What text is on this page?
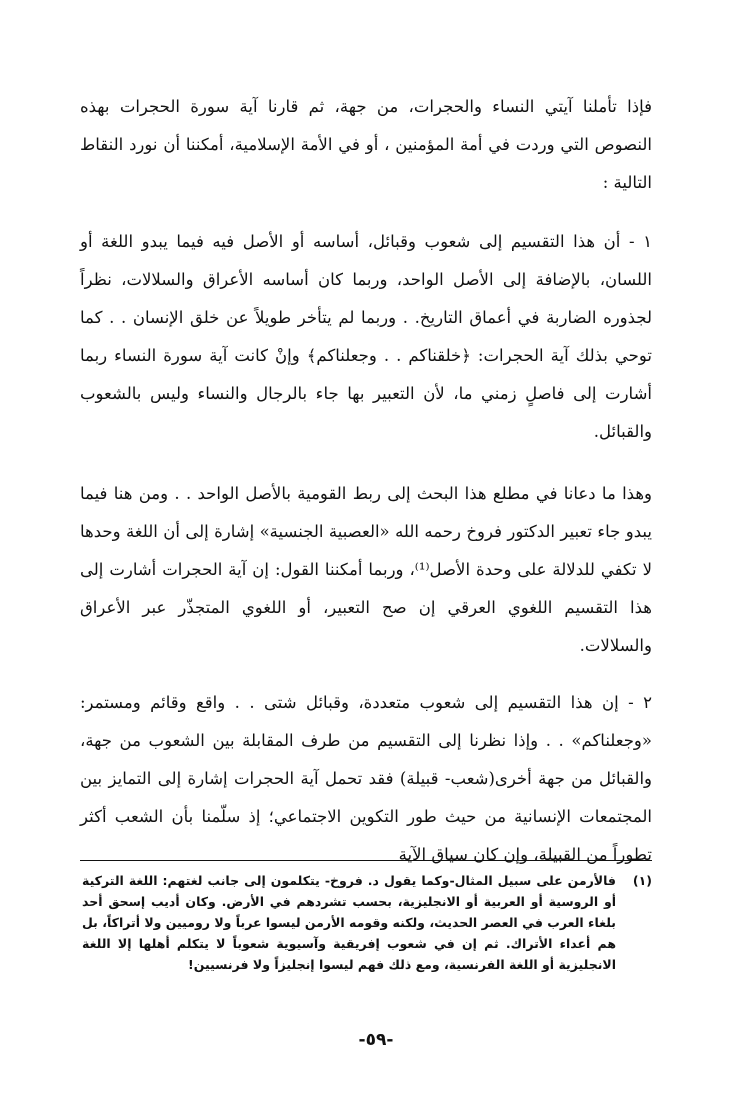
فإذا تأملنا آيتي النساء والحجرات، من جهة، ثم قارنا آية سورة الحجرات بهذه النصوص التي وردت في أمة المؤمنين ، أو في الأمة الإسلامية، أمكننا أن نورد النقاط التالية :

١ - أن هذا التقسيم إلى شعوب وقبائل، أساسه أو الأصل فيه فيما يبدو اللغة أو اللسان، بالإضافة إلى الأصل الواحد، وربما كان أساسه الأعراق والسلالات، نظراً لجذوره الضاربة في أعماق التاريخ. . وربما لم يتأخر طويلاً عن خلق الإنسان . . كما توحي بذلك آية الحجرات: ﴿خلقناكم . . وجعلناكم﴾ وإنْ كانت آية سورة النساء ربما أشارت إلى فاصلٍ زمني ما، لأن التعبير بها جاء بالرجال والنساء وليس بالشعوب والقبائل.

وهذا ما دعانا في مطلع هذا البحث إلى ربط القومية بالأصل الواحد . . ومن هنا فيما يبدو جاء تعبير الدكتور فروخ رحمه الله «العصبية الجنسية» إشارة إلى أن اللغة وحدها لا تكفي للدلالة على وحدة الأصل⁽¹⁾، وربما أمكننا القول: إن آية الحجرات أشارت إلى هذا التقسيم اللغوي العرقي إن صح التعبير، أو اللغوي المتجذّر عبر الأعراق والسلالات.

٢ - إن هذا التقسيم إلى شعوب متعددة، وقبائل شتى . . واقع وقائم ومستمر: «وجعلناكم» . . وإذا نظرنا إلى التقسيم من طرف المقابلة بين الشعوب من جهة، والقبائل من جهة أخرى(شعب- قبيلة) فقد تحمل آية الحجرات إشارة إلى التمايز بين المجتمعات الإنسانية من حيث طور التكوين الاجتماعي؛ إذ سلّمنا بأن الشعب أكثر تطوراً من القبيلة، وإن كان سياق الآية

(١)
فالأرمن على سبيل المثال-وكما يقول د. فروخ- يتكلمون إلى جانب لغتهم: اللغة التركية أو الروسية أو العربية أو الانجليزية، بحسب تشردهم في الأرض. وكان أديب إسحق أحد بلغاء العرب في العصر الحديث، ولكنه وقومه الأرمن ليسوا عرباً ولا روميين ولا أتراكاً، بل هم أعداء الأتراك. ثم إن في شعوب إفريقية وآسيوية شعوباً لا يتكلم أهلها إلا اللغة الانجليزية أو اللغة الفرنسية، ومع ذلك فهم ليسوا إنجليزاً ولا فرنسيين!
-٥٩-
